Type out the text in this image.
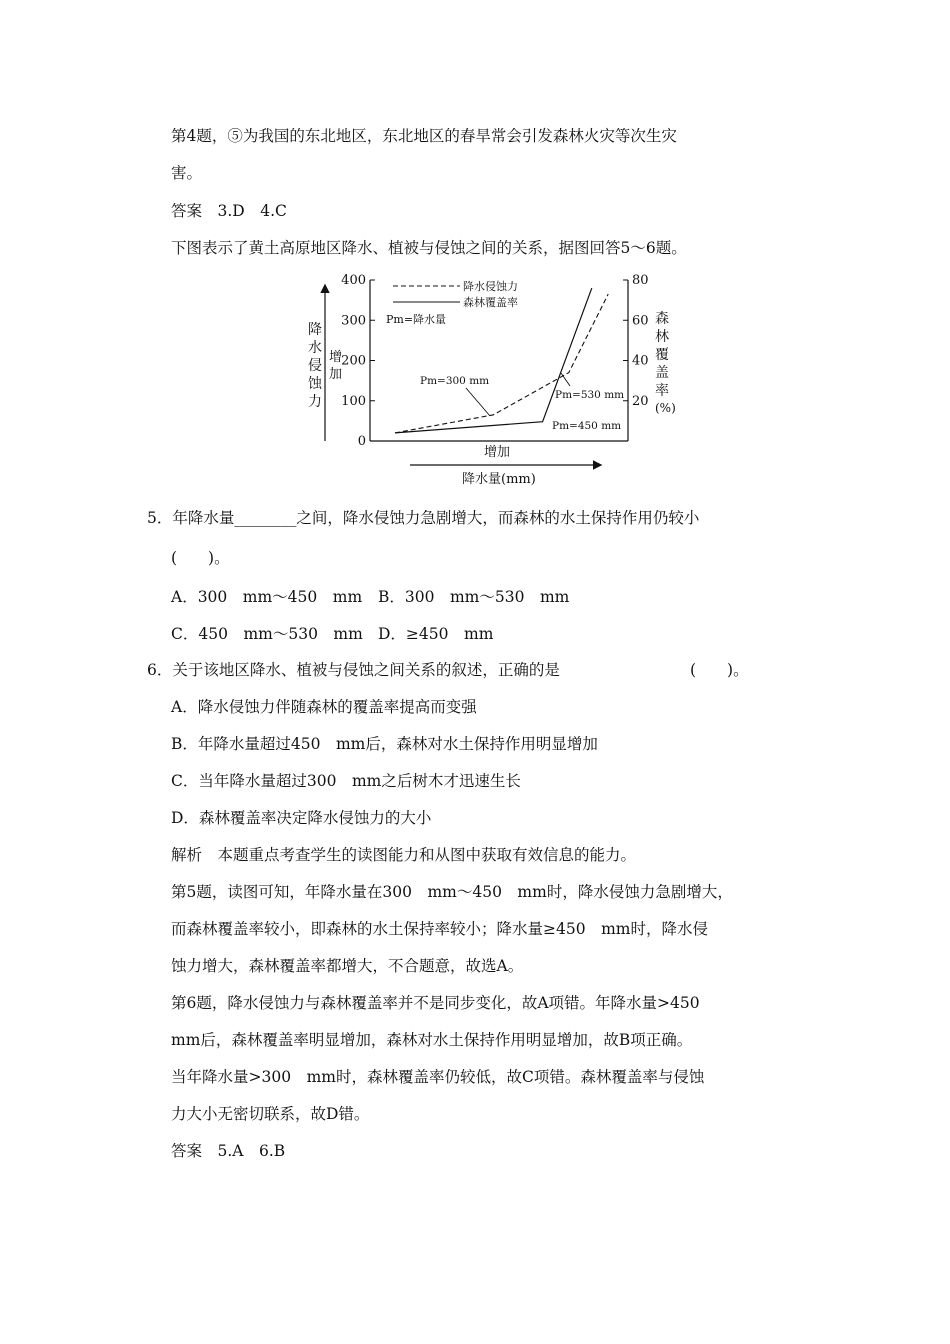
第4题，⑤为我国的东北地区，东北地区的春旱常会引发森林火灾等次生灾
害。
答案　3.D　4.C
下图表示了黄土高原地区降水、植被与侵蚀之间的关系，据图回答5～6题。
0
100
200
300
400
20
40
60
80
降
水
侵
蚀
力
增
加
森
林
覆
盖
率
(%)
增加
降水量(mm)
降水侵蚀力
森林覆盖率
Pm=降水量
Pm=300 mm
Pm=530 mm
Pm=450 mm
5．年降水量________之间，降水侵蚀力急剧增大，而森林的水土保持作用仍较小
(　　)。
A．300　mm～450　mm B．300　mm～530　mm
C．450　mm～530　mm D．≥450　mm
6．关于该地区降水、植被与侵蚀之间关系的叙述，正确的是	(　　)。
A．降水侵蚀力伴随森林的覆盖率提高而变强
B．年降水量超过450　mm后，森林对水土保持作用明显增加
C．当年降水量超过300　mm之后树木才迅速生长
D．森林覆盖率决定降水侵蚀力的大小
解析　本题重点考查学生的读图能力和从图中获取有效信息的能力。
第5题，读图可知，年降水量在300　mm～450　mm时，降水侵蚀力急剧增大，
而森林覆盖率较小，即森林的水土保持率较小；降水量≥450　mm时，降水侵
蚀力增大，森林覆盖率都增大，不合题意，故选A。
第6题，降水侵蚀力与森林覆盖率并不是同步变化，故A项错。年降水量>450
mm后，森林覆盖率明显增加，森林对水土保持作用明显增加，故B项正确。
当年降水量>300　mm时，森林覆盖率仍较低，故C项错。森林覆盖率与侵蚀
力大小无密切联系，故D错。
答案　5.A　6.B
